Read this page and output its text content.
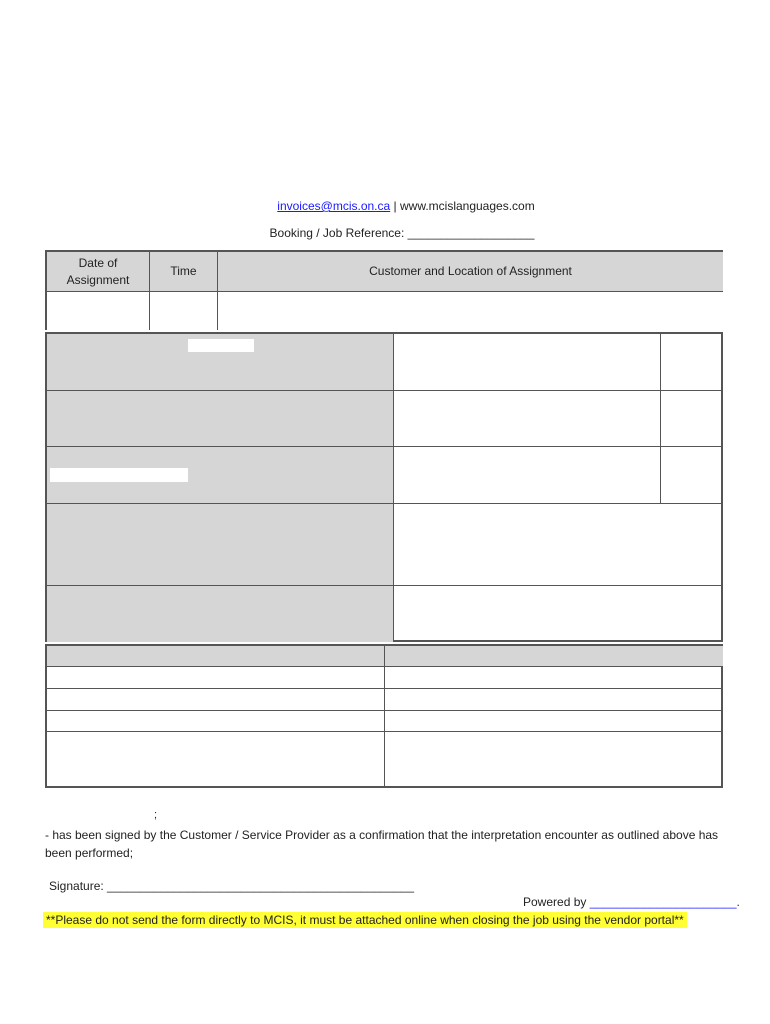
invoices@mcis.on.ca | www.mcislanguages.com
Booking / Job Reference: ___________________
Date of Assignment
Time	Customer and Location of Assignment
;
- has been signed by the Customer / Service Provider as a confirmation that the interpretation encounter as outlined above has been performed;
Signature: ______________________________________________
Powered by ______________________.
**Please do not send the form directly to MCIS, it must be attached online when closing the job using the vendor portal**
